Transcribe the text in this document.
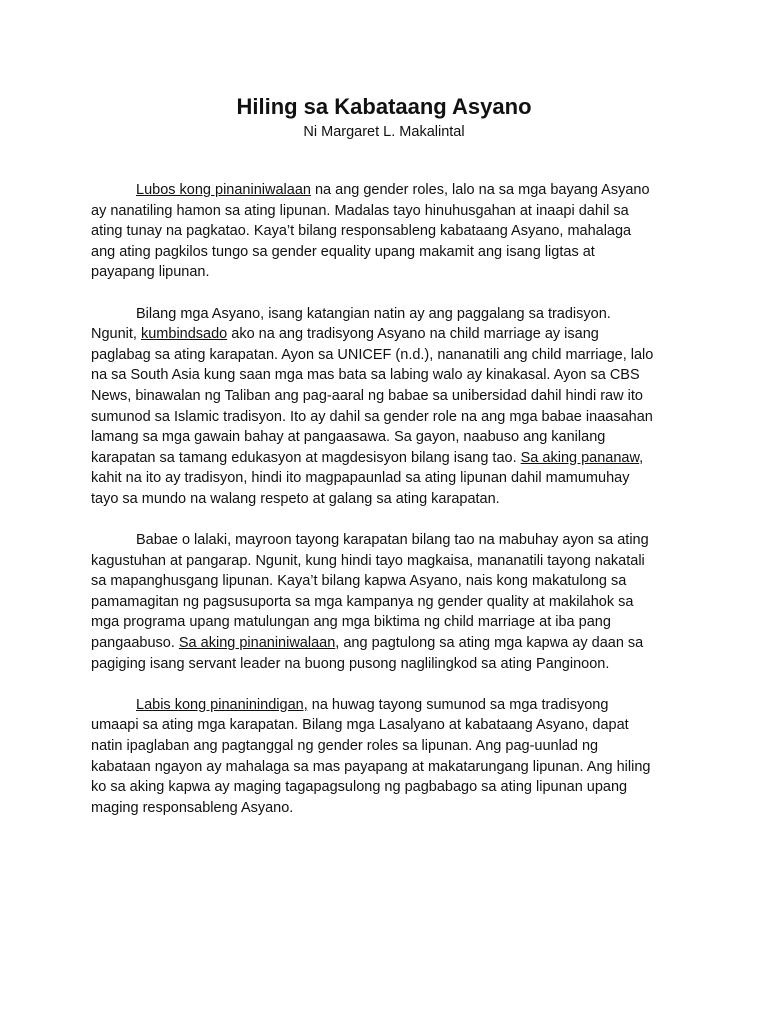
Hiling sa Kabataang Asyano
Ni Margaret L. Makalintal
Lubos kong pinaniniwalaan na ang gender roles, lalo na sa mga bayang Asyano
ay nanatiling hamon sa ating lipunan. Madalas tayo hinuhusgahan at inaapi dahil sa
ating tunay na pagkatao. Kaya’t bilang responsableng kabataang Asyano, mahalaga
ang ating pagkilos tungo sa gender equality upang makamit ang isang ligtas at
payapang lipunan.
Bilang mga Asyano, isang katangian natin ay ang paggalang sa tradisyon.
Ngunit, kumbindsado ako na ang tradisyong Asyano na child marriage ay isang
paglabag sa ating karapatan. Ayon sa UNICEF (n.d.), nananatili ang child marriage, lalo
na sa South Asia kung saan mga mas bata sa labing walo ay kinakasal. Ayon sa CBS
News, binawalan ng Taliban ang pag-aaral ng babae sa unibersidad dahil hindi raw ito
sumunod sa Islamic tradisyon. Ito ay dahil sa gender role na ang mga babae inaasahan
lamang sa mga gawain bahay at pangaasawa. Sa gayon, naabuso ang kanilang
karapatan sa tamang edukasyon at magdesisyon bilang isang tao. Sa aking pananaw,
kahit na ito ay tradisyon, hindi ito magpapaunlad sa ating lipunan dahil mamumuhay
tayo sa mundo na walang respeto at galang sa ating karapatan.
Babae o lalaki, mayroon tayong karapatan bilang tao na mabuhay ayon sa ating
kagustuhan at pangarap. Ngunit, kung hindi tayo magkaisa, mananatili tayong nakatali
sa mapanghusgang lipunan. Kaya’t bilang kapwa Asyano, nais kong makatulong sa
pamamagitan ng pagsusuporta sa mga kampanya ng gender quality at makilahok sa
mga programa upang matulungan ang mga biktima ng child marriage at iba pang
pangaabuso. Sa aking pinaniniwalaan, ang pagtulong sa ating mga kapwa ay daan sa
pagiging isang servant leader na buong pusong naglilingkod sa ating Panginoon.
Labis kong pinaninindigan, na huwag tayong sumunod sa mga tradisyong
umaapi sa ating mga karapatan. Bilang mga Lasalyano at kabataang Asyano, dapat
natin ipaglaban ang pagtanggal ng gender roles sa lipunan. Ang pag-uunlad ng
kabataan ngayon ay mahalaga sa mas payapang at makatarungang lipunan. Ang hiling
ko sa aking kapwa ay maging tagapagsulong ng pagbabago sa ating lipunan upang
maging responsableng Asyano.
